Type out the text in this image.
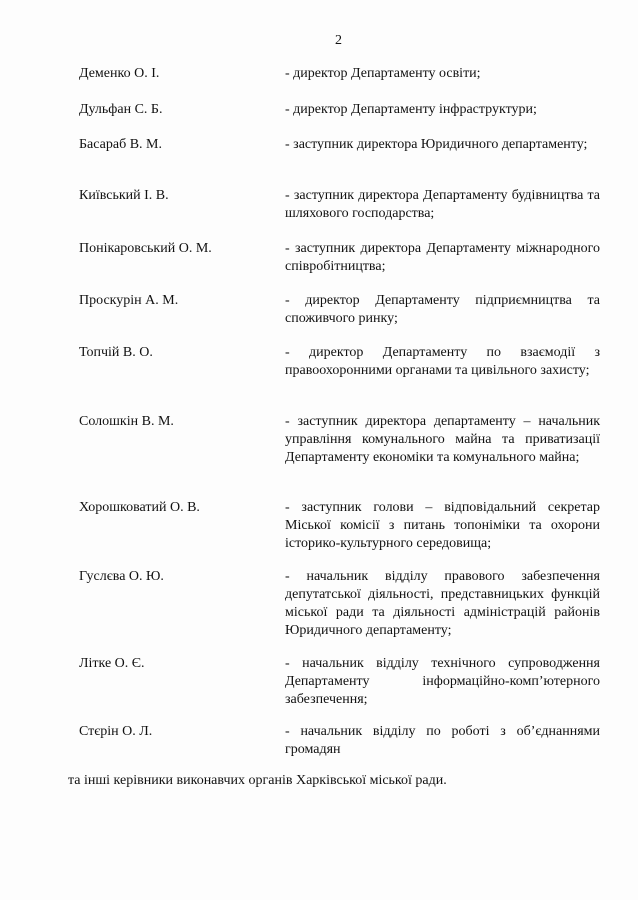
2
Деменко О. І.	- директор Департаменту освіти;
Дульфан С. Б.	- директор Департаменту інфраструктури;
Басараб В. М.	- заступник директора Юридичного департаменту;
Київський І. В.	- заступник директора Департаменту будівництва та шляхового господарства;
Понікаровський О. М.	- заступник директора Департаменту міжнародного співробітництва;
Проскурін А. М.	- директор Департаменту підприємництва та споживчого ринку;
Топчій В. О.	- директор Департаменту по взаємодії з правоохоронними органами та цивільного захисту;
Солошкін В. М.	- заступник директора департаменту – начальник управління комунального майна та приватизації Департаменту економіки та комунального майна;
Хорошковатий О. В.	- заступник голови – відповідальний секретар Міської комісії з питань топоніміки та охорони історико-культурного середовища;
Гуслєва О. Ю.	- начальник відділу правового забезпечення депутатської діяльності, представницьких функцій міської ради та діяльності адміністрацій районів Юридичного департаменту;
Літке О. Є.	- начальник відділу технічного супроводження Департаменту інформаційно-комп’ютерного забезпечення;
Стєрін О. Л.	- начальник відділу по роботі з об’єднаннями громадян
та інші керівники виконавчих органів Харківської міської ради.
